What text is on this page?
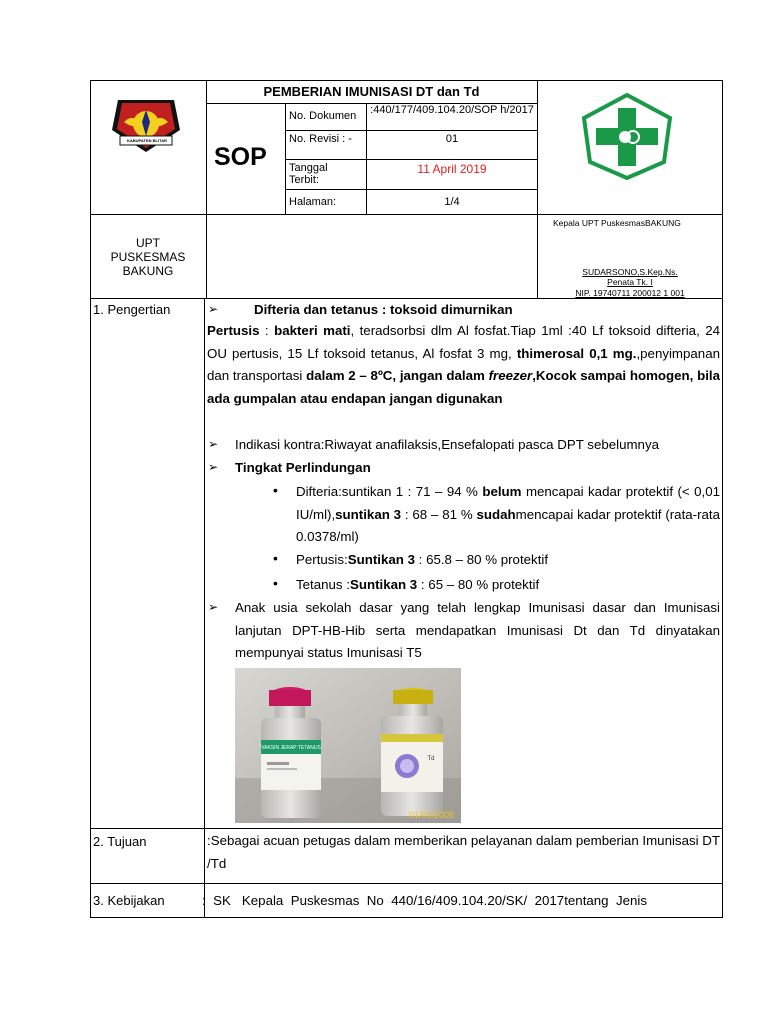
KABUPATEN BLITAR
PEMBERIAN IMUNISASI DT dan Td
SOP
No. Dokumen :440/177/409.104.20/SOP h/2017
No. Revisi : -	01
Tanggal Terbit:
11 April 2019
Halaman:	1/4
UPT PUSKESMAS BAKUNG
Kepala UPT PuskesmasBAKUNG
SUDARSONO,S.Kep.Ns.
Penata Tk. I
NIP. 19740711 200012 1 001
1. Pengertian	➢	Difteria dan tetanus : toksoid dimurnikan
Pertusis : bakteri mati, teradsorbsi dlm Al fosfat.Tiap 1ml :40 Lf toksoid difteria, 24 OU pertusis, 15 Lf toksoid tetanus, Al fosfat 3 mg, thimerosal 0,1 mg.,penyimpanan dan transportasi dalam 2 – 8ºC, jangan dalam freezer,Kocok sampai homogen, bila ada gumpalan atau endapan jangan digunakan
➢ Indikasi kontra:Riwayat anafilaksis,Ensefalopati pasca DPT sebelumnya
➢ Tingkat Perlindungan
• Difteria:suntikan 1 : 71 – 94 % belum mencapai kadar protektif (< 0,01 IU/ml),suntikan 3 : 68 – 81 % sudahmencapai kadar protektif (rata-rata 0.0378/ml)
• Pertusis:Suntikan 3 : 65.8 – 80 % protektif
• Tetanus :Suntikan 3 : 65 – 80 % protektif
➢ Anak usia sekolah dasar yang telah lengkap Imunisasi dasar dan Imunisasi lanjutan DPT-HB-Hib serta mendapatkan Imunisasi Dt dan Td dinyatakan mempunyai status Imunisasi T5
VAKSIN JERAP TETANUS
Td
01/05/2005
2. Tujuan	:Sebagai acuan petugas dalam memberikan pelayanan dalam pemberian Imunisasi DT /Td
3. Kebijakan	:  SK   Kepala  Puskesmas  No  440/16/409.104.20/SK/  2017tentang  Jenis
